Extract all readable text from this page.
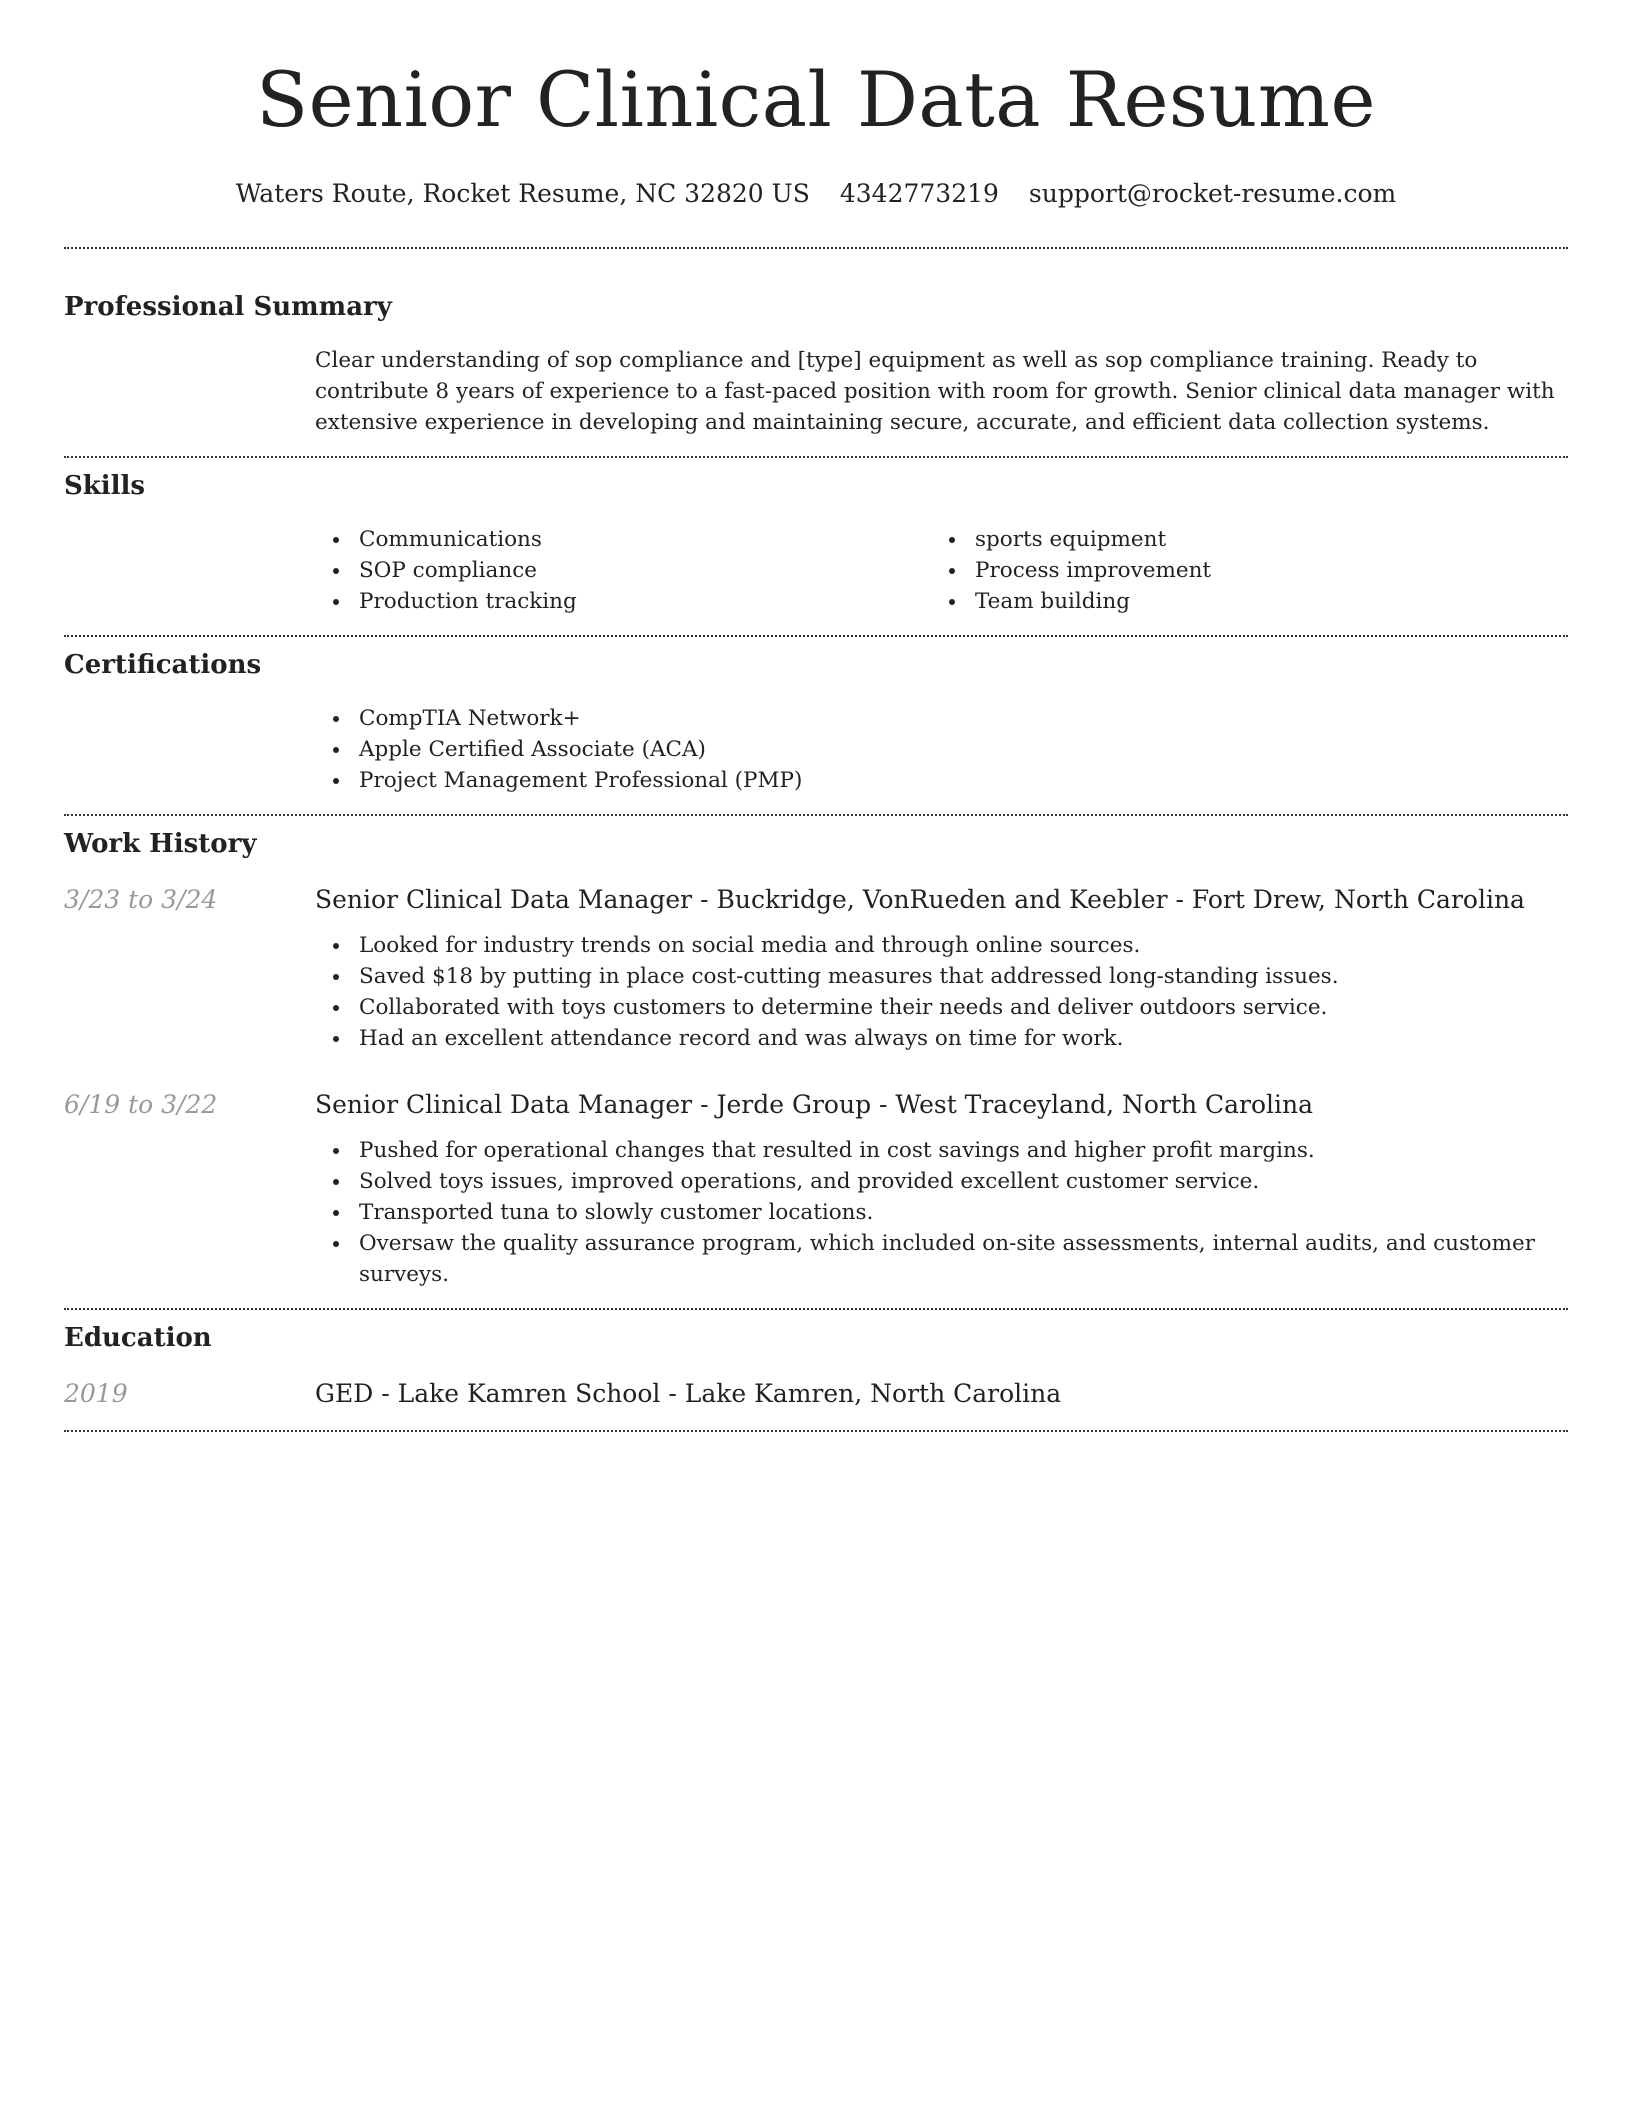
Senior Clinical Data Resume
Waters Route, Rocket Resume, NC 32820 US 4342773219 support@rocket-resume.com
Professional Summary
Clear understanding of sop compliance and [type] equipment as well as sop compliance training. Ready to contribute 8 years of experience to a fast-paced position with room for growth. Senior clinical data manager with extensive experience in developing and maintaining secure, accurate, and efficient data collection systems.
Skills
Communications
SOP compliance
Production tracking
sports equipment
Process improvement
Team building
Certifications
CompTIA Network+
Apple Certified Associate (ACA)
Project Management Professional (PMP)
Work History
3/23 to 3/24	Senior Clinical Data Manager - Buckridge, VonRueden and Keebler - Fort Drew, North Carolina
Looked for industry trends on social media and through online sources.
Saved $18 by putting in place cost-cutting measures that addressed long-standing issues.
Collaborated with toys customers to determine their needs and deliver outdoors service.
Had an excellent attendance record and was always on time for work.
6/19 to 3/22	Senior Clinical Data Manager - Jerde Group - West Traceyland, North Carolina
Pushed for operational changes that resulted in cost savings and higher profit margins.
Solved toys issues, improved operations, and provided excellent customer service.
Transported tuna to slowly customer locations.
Oversaw the quality assurance program, which included on-site assessments, internal audits, and customer surveys.
Education
2019	GED - Lake Kamren School - Lake Kamren, North Carolina
